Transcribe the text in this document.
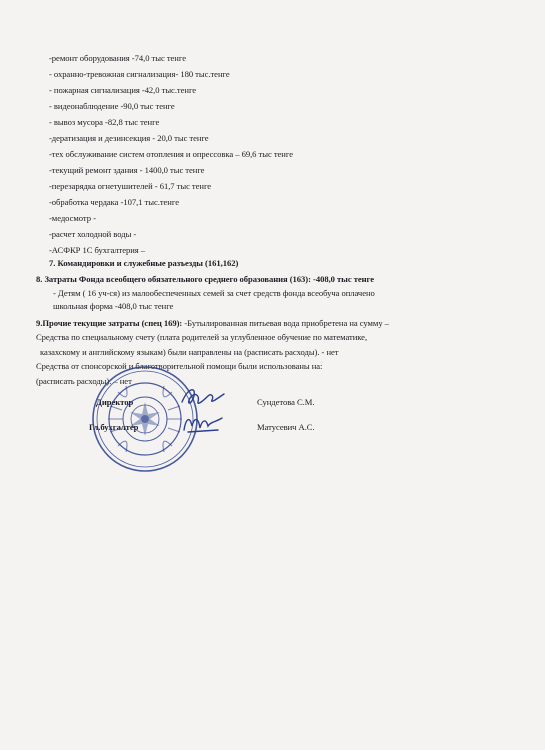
-ремонт оборудования -74,0 тыс тенге
- охранно-тревожная сигнализация- 180 тыс.тенге
- пожарная сигнализация -42,0 тыс.тенге
- видеонаблюдение -90,0 тыс тенге
- вывоз мусора -82,8 тыс тенге
-дератизация и дезинсекция - 20,0 тыс тенге
-тех обслуживание систем отопления и опрессовка – 69,6 тыс тенге
-текущий ремонт здания - 1400,0 тыс тенге
-перезарядка огнетушителей - 61,7 тыс тенге
-обработка чердака -107,1 тыс.тенге
-медосмотр -
-расчет холодной воды -
-АСФКР 1С бухгалтерия –
7. Командировки и служебные разъезды (161,162)
8. Затраты Фонда всеобщего обязательного среднего образования (163): -408,0 тыс тенге
- Детям ( 16 уч-ся) из малообеспеченных семей за счет средств фонда всеобуча оплачено
школьная форма -408,0 тыс тенге
9.Прочие текущие затраты (спец 169): -Бутылированная питьевая вода приобретена на сумму –
Средства по специальному счету (плата родителей за углубленное обучение по математике,
казахскому и английскому языкам) были направлены на (расписать расходы). - нет
Средства от спонсорской и благотворительной помощи были использованы на:
(расписать расходы). – нет
Директор	Сундетова С.М.
Гл.бухгалтер	Матусевич А.С.
